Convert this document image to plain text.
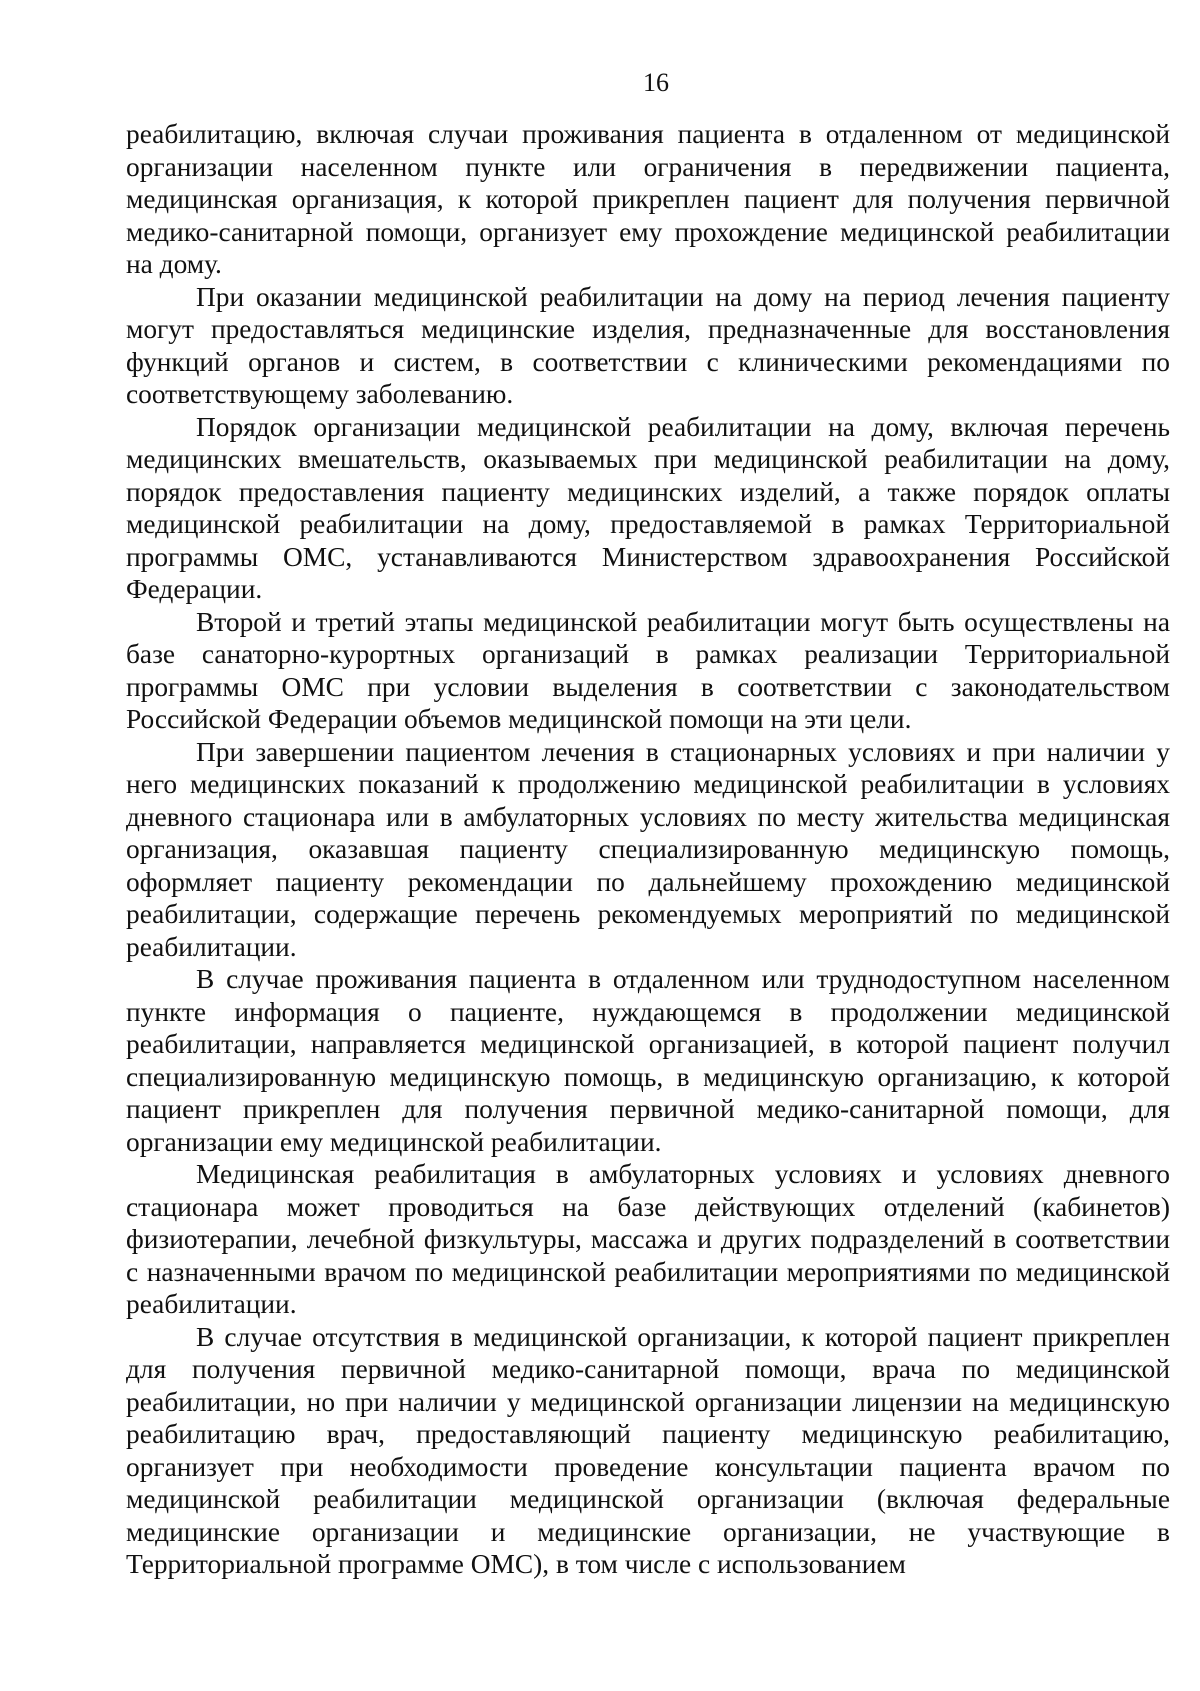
16

реабилитацию, включая случаи проживания пациента в отдаленном от медицинской организации населенном пункте или ограничения в передвижении пациента, медицинская организация, к которой прикреплен пациент для получения первичной медико-санитарной помощи, организует ему прохождение медицинской реабилитации на дому.

При оказании медицинской реабилитации на дому на период лечения пациенту могут предоставляться медицинские изделия, предназначенные для восстановления функций органов и систем, в соответствии с клиническими рекомендациями по соответствующему заболеванию.

Порядок организации медицинской реабилитации на дому, включая перечень медицинских вмешательств, оказываемых при медицинской реабилитации на дому, порядок предоставления пациенту медицинских изделий, а также порядок оплаты медицинской реабилитации на дому, предоставляемой в рамках Территориальной программы ОМС, устанавливаются Министерством здравоохранения Российской Федерации.

Второй и третий этапы медицинской реабилитации могут быть осуществлены на базе санаторно-курортных организаций в рамках реализации Территориальной программы ОМС при условии выделения в соответствии с законодательством Российской Федерации объемов медицинской помощи на эти цели.

При завершении пациентом лечения в стационарных условиях и при наличии у него медицинских показаний к продолжению медицинской реабилитации в условиях дневного стационара или в амбулаторных условиях по месту жительства медицинская организация, оказавшая пациенту специализированную медицинскую помощь, оформляет пациенту рекомендации по дальнейшему прохождению медицинской реабилитации, содержащие перечень рекомендуемых мероприятий по медицинской реабилитации.

В случае проживания пациента в отдаленном или труднодоступном населенном пункте информация о пациенте, нуждающемся в продолжении медицинской реабилитации, направляется медицинской организацией, в которой пациент получил специализированную медицинскую помощь, в медицинскую организацию, к которой пациент прикреплен для получения первичной медико-санитарной помощи, для организации ему медицинской реабилитации.

Медицинская реабилитация в амбулаторных условиях и условиях дневного стационара может проводиться на базе действующих отделений (кабинетов) физиотерапии, лечебной физкультуры, массажа и других подразделений в соответствии с назначенными врачом по медицинской реабилитации мероприятиями по медицинской реабилитации.

В случае отсутствия в медицинской организации, к которой пациент прикреплен для получения первичной медико-санитарной помощи, врача по медицинской реабилитации, но при наличии у медицинской организации лицензии на медицинскую реабилитацию врач, предоставляющий пациенту медицинскую реабилитацию, организует при необходимости проведение консультации пациента врачом по медицинской реабилитации медицинской организации (включая федеральные медицинские организации и медицинские организации, не участвующие в Территориальной программе ОМС), в том числе с использованием
